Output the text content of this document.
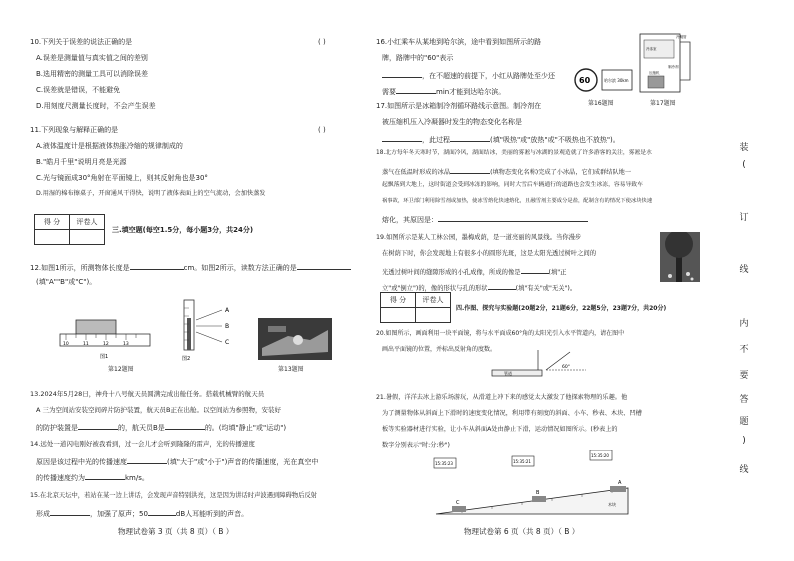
10.下列关于误差的说法正确的是	( )
A.误差是测量值与真实值之间的差别
B.选用精密的测量工具可以消除误差
C.误差就是错误，不能避免
D.用刻度尺测量长度时，不会产生误差
11.下列现象与解释正确的是	( )
A.液体温度计是根据液体热胀冷缩的规律制成的
B."皓月千里"说明月亮是光源
C.光与镜面成30°角射在平面镜上，则其反射角也是30°
D.用湿的棉布擦桌子，开窗通风干得快，说明了液体表面上的空气流动，会加快蒸发
得 分	评卷人

三.填空题(每空1.5分，每小题3分，共24分)
12.如图1所示，所测物体长度是	cm。如图2所示，读数方法正确的是
(填"A""B"或"C")。
10	11	12	13
图1
A
B
C
图2
第12题图	第13题图
13.2024年5月28日，神舟十八号航天员圆满完成出舱任务。搭载机械臂的航天员
A 三为空间站安装空间碎片防护装置，航天员B正在出舱。以空间站为参照物，安装好
的防护装置是	的，航天员B是	的。(均填"静止"或"运动")
14.远处一道闪电刚好被我看到，过一会儿才会听到隆隆的雷声，光的传播速度
原因是该过程中光的传播速度	(填"大于"或"小于")声音的传播速度，光在真空中
的传播速度约为	km/s。
15.在北京天坛中，若站在某一边上讲话，会发现声音特别洪亮，这是因为讲话时声波遇到障碍物后反射
形成	，加强了原声；50	dB人耳能听到的声音。
物理试卷第 3 页（共 8 页）（ B ）
16.小红乘车从某地到哈尔滨，途中看到如图所示的路
牌，路牌中的"60"表示
，在不超速的前提下，小红从路牌处至少还
需要	min才能到达哈尔滨。
60	哈尔滨 30km
第16题图
冷冻室
冷凝管
压缩机
制冷剂
第17题图
17.如图所示是冰箱制冷剂循环路线示意图。制冷剂在
被压缩机压入冷凝器时发生的物态变化名称是
，此过程	(填"吸热"或"放热"或"不吸热也不放热")。
18.北方每年冬天寒时节，湖面冷风，湖面结冰，美丽的雾凇与冰湖的景观造就了许多游客的关注，雾凇是水
蒸气在低温时形成的冰晶	(填物态变化名称)完成了小冰晶，它们成群结队地一
起飘落到大地上，这时街道会受到冰冻的影响，同时大雪后车辆通行的道路也会发生冰冻，容易导致车
祸事故，环卫部门利用除雪剂或加热，使冰雪熔化快速熔化，且融雪剂主要成分是盐，配制含有的情况下使冰块快速
熔化，其原因是：
19.如图所示是某人工林公园，墨梅成荫，是一道亮丽的风景线。当你漫步
在树荫下时，你会发现地上有很多小的圆形光斑，这是太阳光透过树叶之间的
光透过树叶间的缝隙形成的小孔成像，所成的像是	(填"正
立"或"倒立")的，像的形状与孔的形状	(填"有关"或"无关")。
得 分	评卷人

四.作图、探究与实验题(20题2分，21题6分，22题5分，23题7分，共20分)
20.如图所示，画面利用一块平面镜，将与水平面成60°角的太阳光引入水平管道内，请在图中
画出平面镜的位置，并标出反射角的度数。
管道
60°
21.暑假，洋洋去冰上游乐场游玩，从滑道上冲下来的感觉太大激发了他探索物理的乐趣。他
为了测量物体从斜面上下滑时的速度变化情况，利用带有刻度的斜面、小车、秒表、木块、凹槽
板等实验器材进行实验，让小车从斜面A处由静止下滑，运动情况如图所示。(秒表上的
数字分别表示"时:分:秒")
15:35:23	15:35:21
15:35:20
A
B
C	木块
物理试卷第 6 页（共 8 页）（ B ）
装
(
订
线
内
不
要
答
题
)
线
